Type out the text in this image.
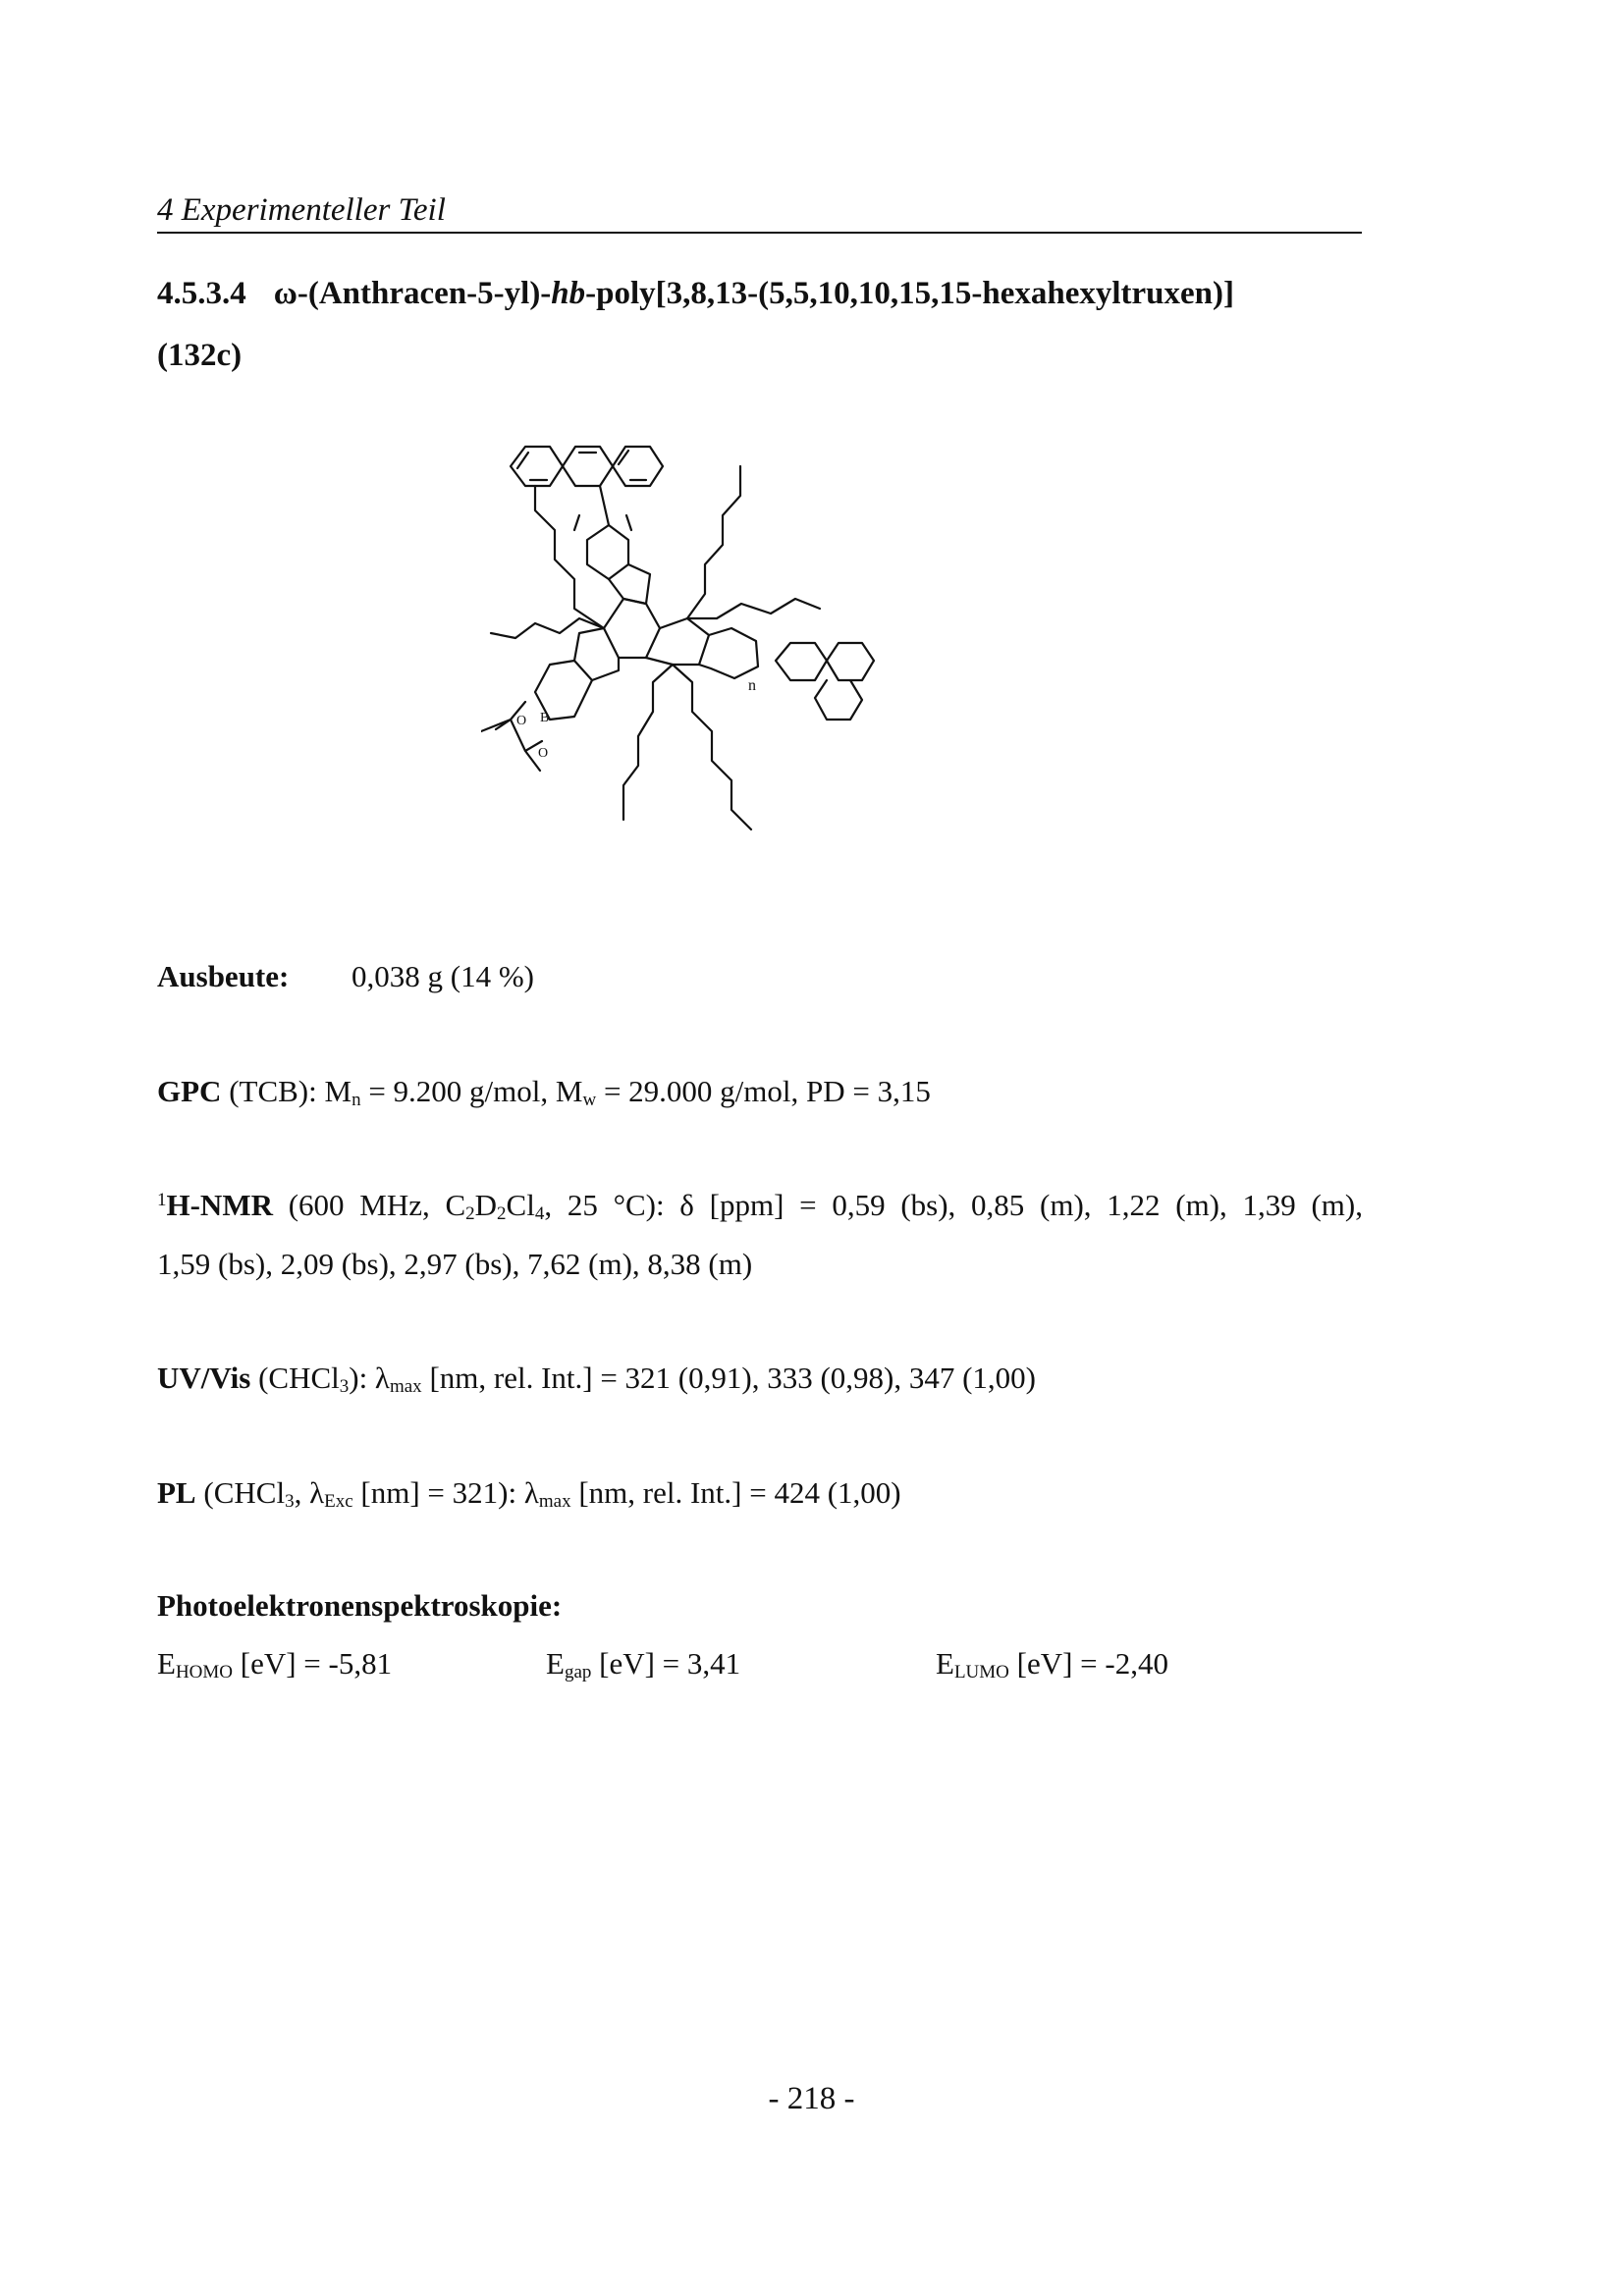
4 Experimenteller Teil
4.5.3.4 ω-(Anthracen-5-yl)-hb-poly[3,8,13-(5,5,10,10,15,15-hexahexyltruxen)]
(132c)
O
O
B
n
Ausbeute: 0,038 g (14 %)
GPC (TCB): $M_n = 9.200$ g/mol, $M_w = 29.000$ g/mol, PD = 3,15
$^1$H-NMR (600 MHz, $C_2D_2Cl_4$, 25 °C): δ [ppm] = 0,59 (bs), 0,85 (m), 1,22 (m), 1,39 (m),
1,59 (bs), 2,09 (bs), 2,97 (bs), 7,62 (m), 8,38 (m)
UV/Vis (CHCl$_3$): $\lambda_{max}$ [nm, rel. Int.] = 321 (0,91), 333 (0,98), 347 (1,00)
PL (CHCl$_3$, $\lambda_{Exc}$ [nm] = 321): $\lambda_{max}$ [nm, rel. Int.] = 424 (1,00)
Photoelektronenspektroskopie:
$E_{HOMO}$ [eV] = -5,81	$E_{gap}$ [eV] = 3,41	$E_{LUMO}$ [eV] = -2,40
- 218 -
